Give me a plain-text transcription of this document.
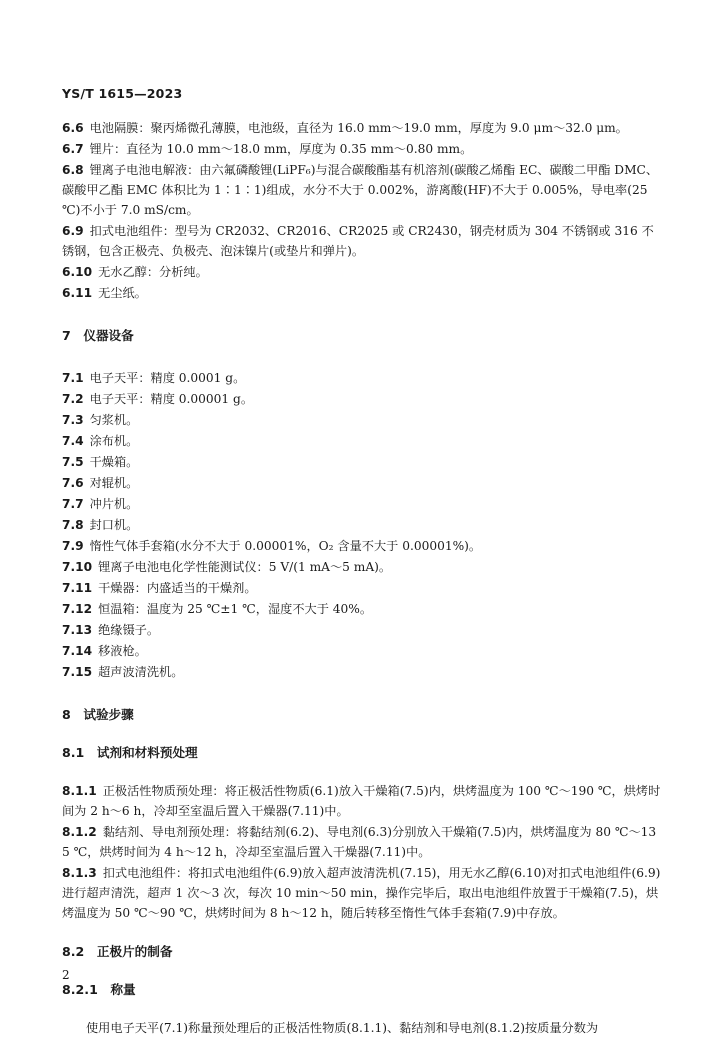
YS/T 1615—2023
6.6 电池隔膜：聚丙烯微孔薄膜，电池级，直径为 16.0 mm～19.0 mm，厚度为 9.0 μm～32.0 μm。
6.7 锂片：直径为 10.0 mm～18.0 mm，厚度为 0.35 mm～0.80 mm。
6.8 锂离子电池电解液：由六氟磷酸锂(LiPF₆)与混合碳酸酯基有机溶剂(碳酸乙烯酯 EC、碳酸二甲酯 DMC、碳酸甲乙酯 EMC 体积比为 1∶1∶1)组成，水分不大于 0.002%，游离酸(HF)不大于 0.005%，导电率(25 ℃)不小于 7.0 mS/cm。
6.9 扣式电池组件：型号为 CR2032、CR2016、CR2025 或 CR2430，钢壳材质为 304 不锈钢或 316 不锈钢，包含正极壳、负极壳、泡沫镍片(或垫片和弹片)。
6.10 无水乙醇：分析纯。
6.11 无尘纸。
7　仪器设备
7.1 电子天平：精度 0.0001 g。
7.2 电子天平：精度 0.00001 g。
7.3 匀浆机。
7.4 涂布机。
7.5 干燥箱。
7.6 对辊机。
7.7 冲片机。
7.8 封口机。
7.9 惰性气体手套箱(水分不大于 0.00001%，O₂ 含量不大于 0.00001%)。
7.10 锂离子电池电化学性能测试仪：5 V/(1 mA～5 mA)。
7.11 干燥器：内盛适当的干燥剂。
7.12 恒温箱：温度为 25 ℃±1 ℃，湿度不大于 40%。
7.13 绝缘镊子。
7.14 移液枪。
7.15 超声波清洗机。
8　试验步骤
8.1　试剂和材料预处理
8.1.1 正极活性物质预处理：将正极活性物质(6.1)放入干燥箱(7.5)内，烘烤温度为 100 ℃～190 ℃，烘烤时间为 2 h～6 h，冷却至室温后置入干燥器(7.11)中。
8.1.2 黏结剂、导电剂预处理：将黏结剂(6.2)、导电剂(6.3)分别放入干燥箱(7.5)内，烘烤温度为 80 ℃～135 ℃，烘烤时间为 4 h～12 h，冷却至室温后置入干燥器(7.11)中。
8.1.3 扣式电池组件：将扣式电池组件(6.9)放入超声波清洗机(7.15)，用无水乙醇(6.10)对扣式电池组件(6.9)进行超声清洗，超声 1 次～3 次，每次 10 min～50 min，操作完毕后，取出电池组件放置于干燥箱(7.5)，烘烤温度为 50 ℃～90 ℃，烘烤时间为 8 h～12 h，随后转移至惰性气体手套箱(7.9)中存放。
8.2　正极片的制备
8.2.1　称量
使用电子天平(7.1)称量预处理后的正极活性物质(8.1.1)、黏结剂和导电剂(8.1.2)按质量分数为
2
